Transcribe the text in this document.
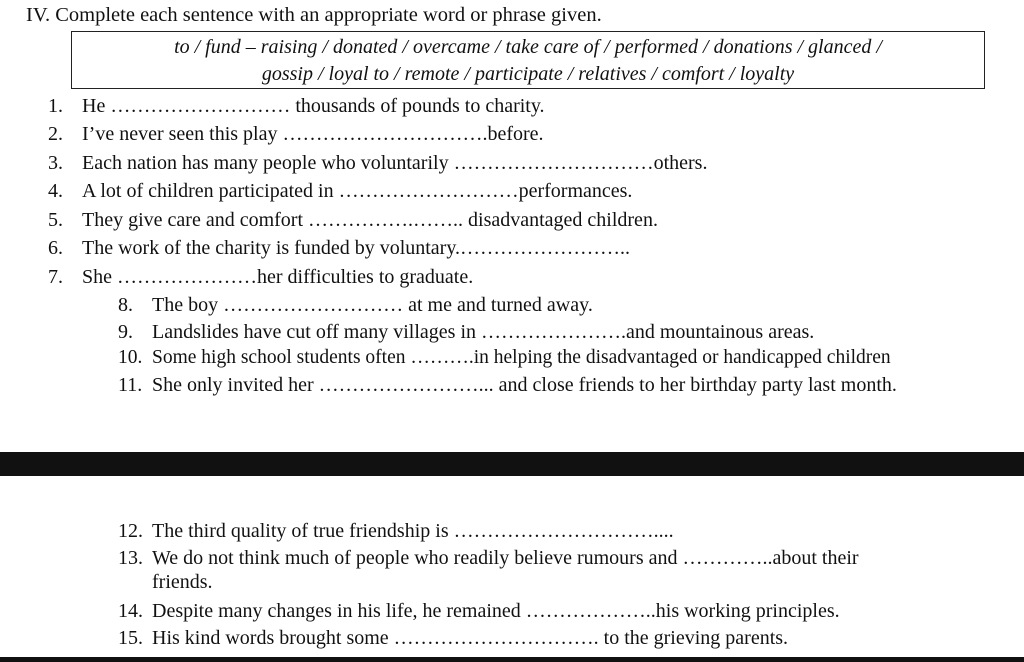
IV. Complete each sentence with an appropriate word or phrase given.
to / fund – raising / donated / overcame / take care of / performed / donations / glanced /
gossip / loyal to / remote / participate / relatives / comfort / loyalty
1. He ……………………… thousands of pounds to charity.
2. I’ve never seen this play ………………………….before.
3. Each nation has many people who voluntarily …………………………others.
4. A lot of children participated in ………………………performances.
5. They give care and comfort …………….…….. disadvantaged children.
6. The work of the charity is funded by voluntary.……………………..
7. She …………………her difficulties to graduate.
8. The boy ……………………… at me and turned away.
9. Landslides have cut off many villages in ………………….and mountainous areas.
10. Some high school students often ……….in helping the disadvantaged or handicapped children
11. She only invited her ……………………... and close friends to her birthday party last month.
12. The third quality of true friendship is …………………………....
13. We do not think much of people who readily believe rumours and …………..about their
friends.
14. Despite many changes in his life, he remained ………………..his working principles.
15. His kind words brought some …………………………. to the grieving parents.
